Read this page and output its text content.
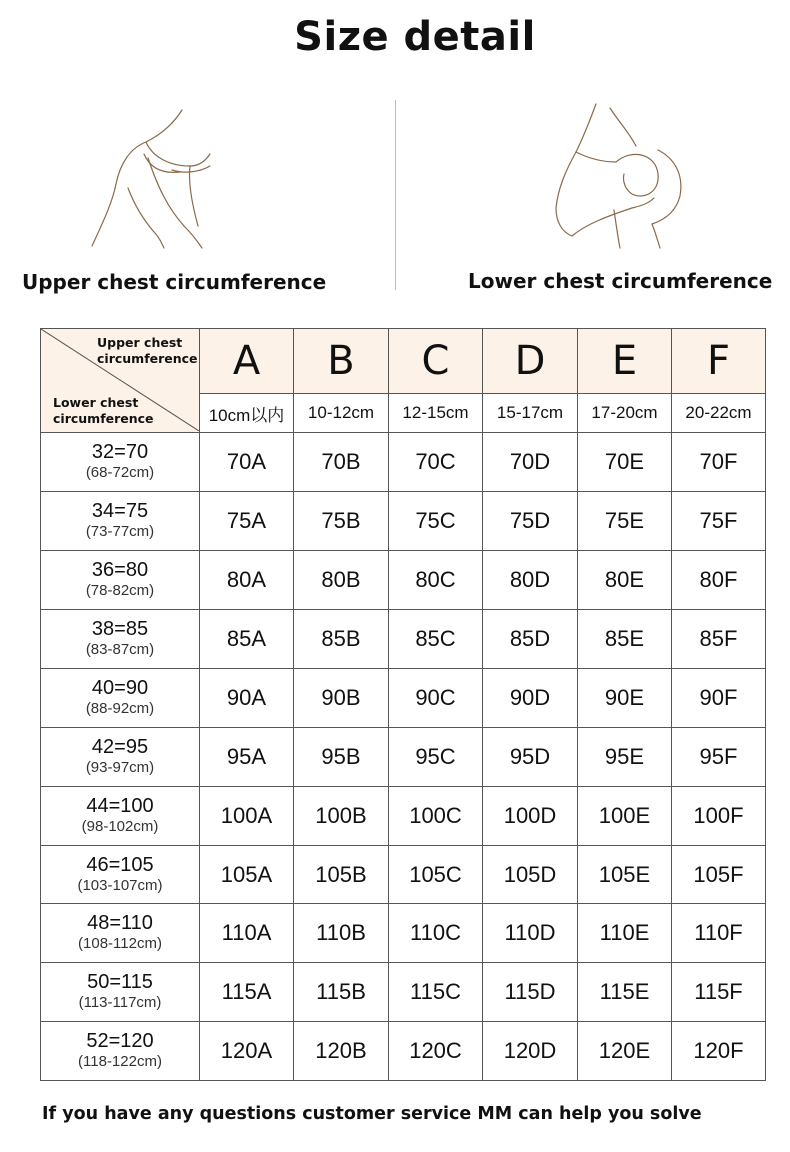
Size detail
Upper chest circumference	Lower chest circumference
Upper chest circumference
Lower chest circumference	A	B	C	D	E	F
	10cm以内	10-12cm	12-15cm	15-17cm	17-20cm	20-22cm

32=70
(68-72cm)	70A	70B	70C	70D	70E	70F

34=75
(73-77cm)	75A	75B	75C	75D	75E	75F

36=80
(78-82cm)	80A	80B	80C	80D	80E	80F

38=85
(83-87cm)	85A	85B	85C	85D	85E	85F

40=90
(88-92cm)	90A	90B	90C	90D	90E	90F

42=95
(93-97cm)	95A	95B	95C	95D	95E	95F

44=100
(98-102cm)	100A	100B	100C	100D	100E	100F

46=105
(103-107cm)	105A	105B	105C	105D	105E	105F

48=110
(108-112cm)	110A	110B	110C	110D	110E	110F

50=115
(113-117cm)	115A	115B	115C	115D	115E	115F

52=120
(118-122cm)	120A	120B	120C	120D	120E	120F
If you have any questions customer service MM can help you solve
